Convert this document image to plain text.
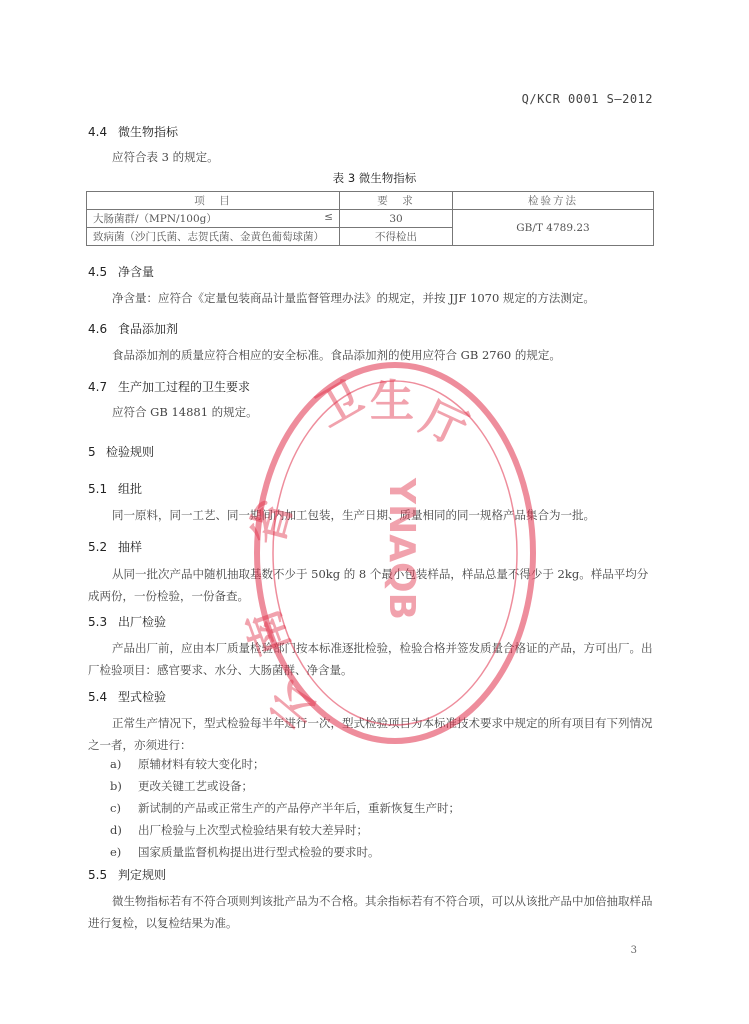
Q/KCR 0001 S—2012
4.4 微生物指标
应符合表 3 的规定。
表 3 微生物指标
项　目	要　求	检验方法
大肠菌群/（MPN/100g） ≤	30	GB/T 4789.23
致病菌（沙门氏菌、志贺氏菌、金黄色葡萄球菌）	不得检出	
4.5 净含量
净含量：应符合《定量包装商品计量监督管理办法》的规定，并按 JJF 1070 规定的方法测定。
4.6 食品添加剂
食品添加剂的质量应符合相应的安全标准。食品添加剂的使用应符合 GB 2760 的规定。
4.7 生产加工过程的卫生要求
应符合 GB 14881 的规定。
5 检验规则
5.1 组批
同一原料，同一工艺、同一期间内加工包装，生产日期、质量相同的同一规格产品集合为一批。
5.2 抽样
从同一批次产品中随机抽取基数不少于 50kg 的 8 个最小包装样品，样品总量不得少于 2kg。样品平均分成两份，一份检验，一份备查。
5.3 出厂检验
产品出厂前，应由本厂质量检验部门按本标准逐批检验，检验合格并签发质量合格证的产品，方可出厂。出厂检验项目：感官要求、水分、大肠菌群、净含量。
5.4 型式检验
正常生产情况下，型式检验每半年进行一次，型式检验项目为本标准技术要求中规定的所有项目有下列情况之一者，亦须进行：
a) 原辅材料有较大变化时；
b) 更改关键工艺或设备；
c) 新试制的产品或正常生产的产品停产半年后，重新恢复生产时；
d) 出厂检验与上次型式检验结果有较大差异时；
e) 国家质量监督机构提出进行型式检验的要求时。
5.5 判定规则
微生物指标若有不符合项则判该批产品为不合格。其余指标若有不符合项，可以从该批产品中加倍抽取样品进行复检，以复检结果为准。
3
卫
生 厅
省
南
云
YNAQB
